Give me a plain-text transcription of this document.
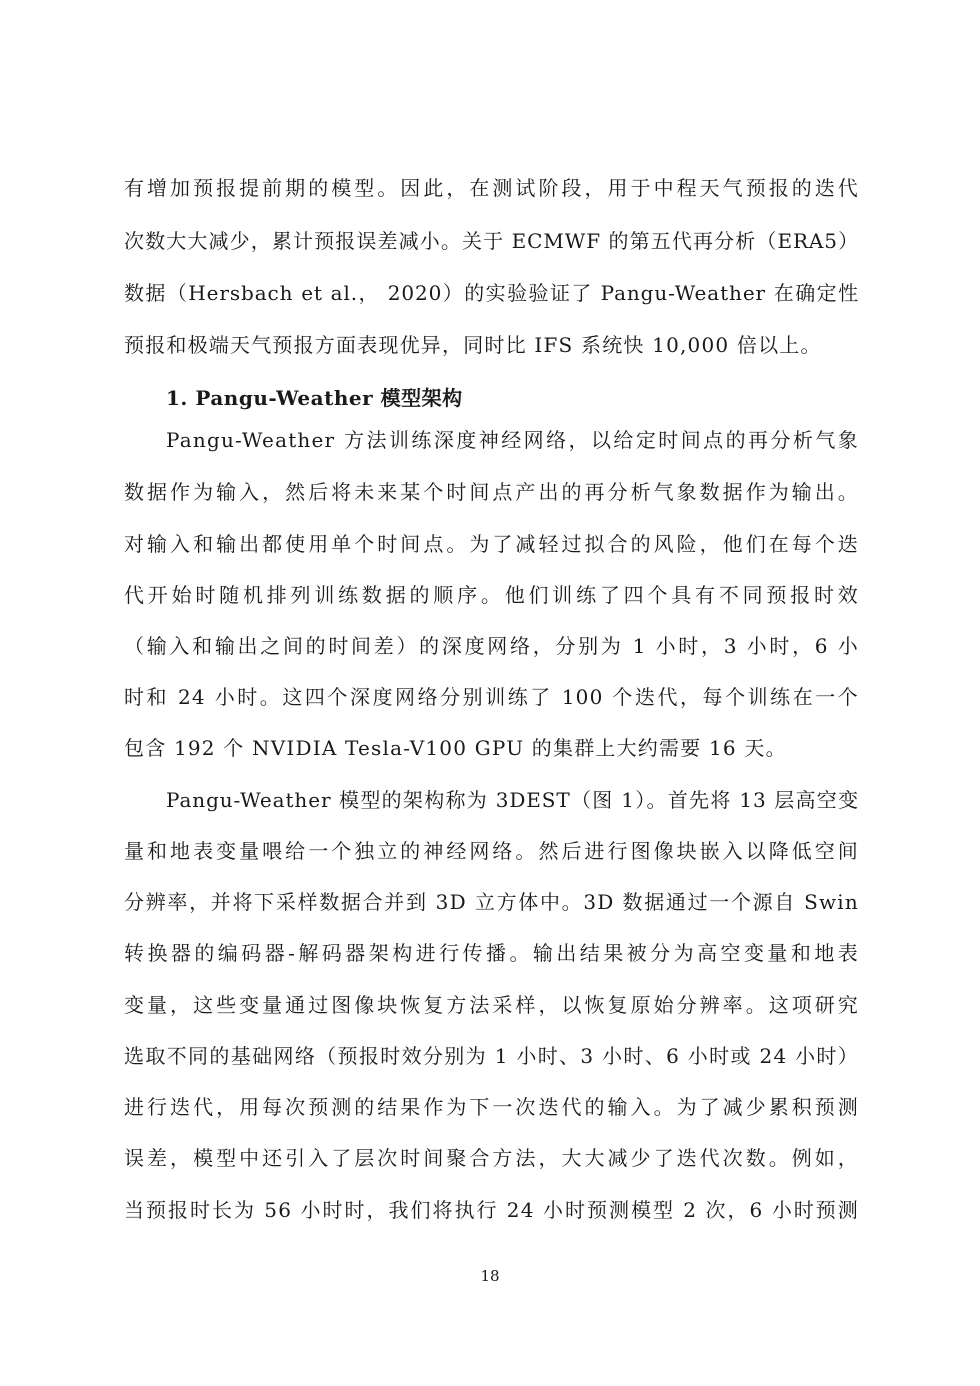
有增加预报提前期的模型。因此，在测试阶段，用于中程天气预报的迭代
次数大大减少，累计预报误差减小。关于 ECMWF 的第五代再分析（ERA5）
数据（Hersbach et al.， 2020）的实验验证了 Pangu-Weather 在确定性
预报和极端天气预报方面表现优异，同时比 IFS 系统快 10,000 倍以上。
1. Pangu-Weather 模型架构
Pangu-Weather 方法训练深度神经网络，以给定时间点的再分析气象
数据作为输入，然后将未来某个时间点产出的再分析气象数据作为输出。
对输入和输出都使用单个时间点。为了减轻过拟合的风险，他们在每个迭
代开始时随机排列训练数据的顺序。他们训练了四个具有不同预报时效
（输入和输出之间的时间差）的深度网络，分别为 1 小时，3 小时，6 小
时和 24 小时。这四个深度网络分别训练了 100 个迭代，每个训练在一个
包含 192 个 NVIDIA Tesla-V100 GPU 的集群上大约需要 16 天。
Pangu-Weather 模型的架构称为 3DEST（图 1）。首先将 13 层高空变
量和地表变量喂给一个独立的神经网络。然后进行图像块嵌入以降低空间
分辨率，并将下采样数据合并到 3D 立方体中。3D 数据通过一个源自 Swin
转换器的编码器-解码器架构进行传播。输出结果被分为高空变量和地表
变量，这些变量通过图像块恢复方法采样，以恢复原始分辨率。这项研究
选取不同的基础网络（预报时效分别为 1 小时、3 小时、6 小时或 24 小时）
进行迭代，用每次预测的结果作为下一次迭代的输入。为了减少累积预测
误差，模型中还引入了层次时间聚合方法，大大减少了迭代次数。例如，
当预报时长为 56 小时时，我们将执行 24 小时预测模型 2 次，6 小时预测
18
